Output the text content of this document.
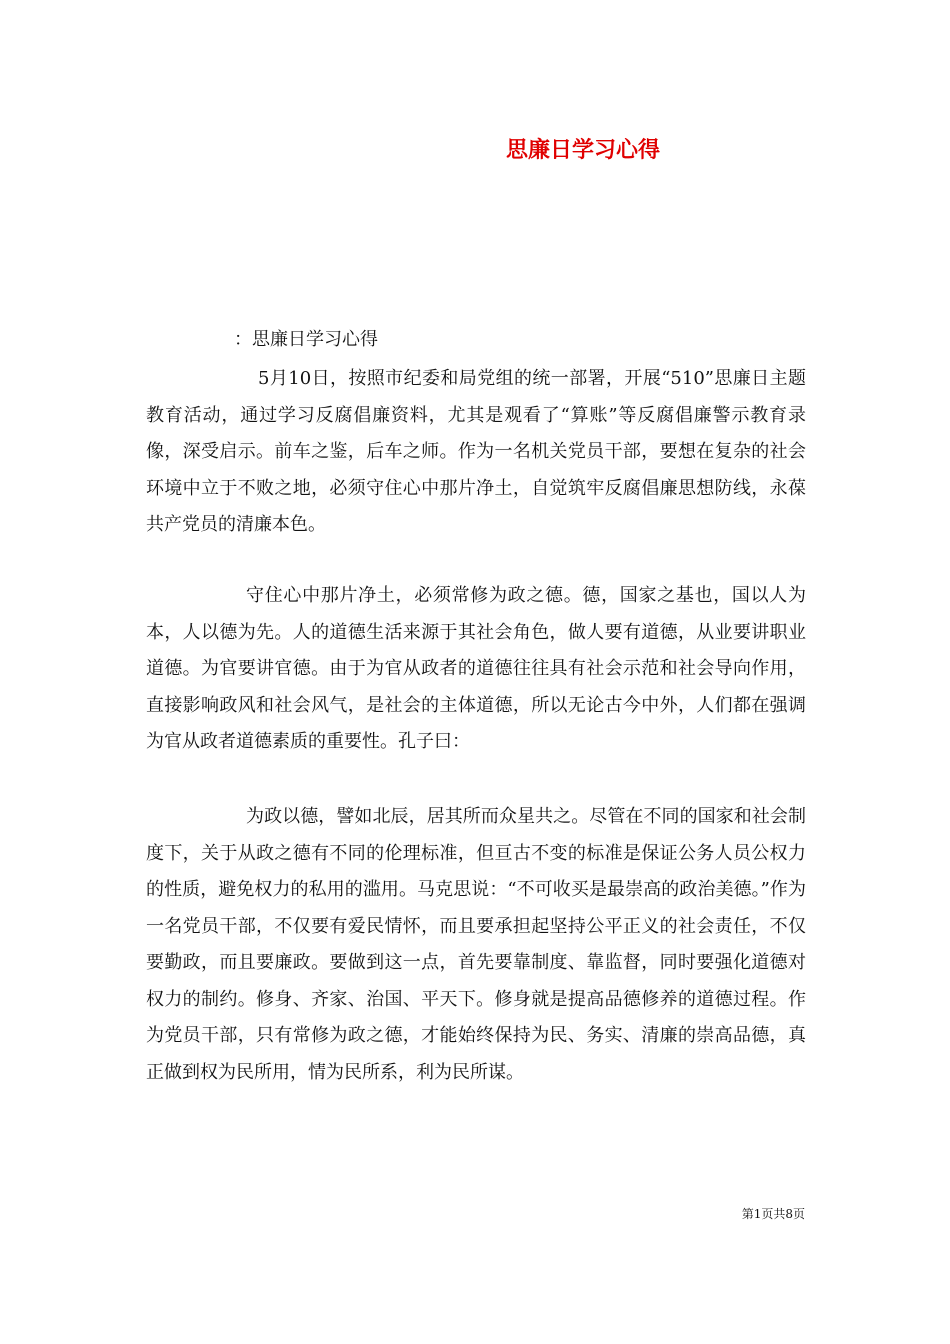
思廉日学习心得
：思廉日学习心得

5月10日，按照市纪委和局党组的统一部署，开展“510”思廉日主题教育活动，通过学习反腐倡廉资料，尤其是观看了“算账”等反腐倡廉警示教育录像，深受启示。前车之鉴，后车之师。作为一名机关党员干部，要想在复杂的社会环境中立于不败之地，必须守住心中那片净土，自觉筑牢反腐倡廉思想防线，永葆共产党员的清廉本色。

守住心中那片净土，必须常修为政之德。德，国家之基也，国以人为本，人以德为先。人的道德生活来源于其社会角色，做人要有道德，从业要讲职业道德。为官要讲官德。由于为官从政者的道德往往具有社会示范和社会导向作用，直接影响政风和社会风气，是社会的主体道德，所以无论古今中外，人们都在强调为官从政者道德素质的重要性。孔子曰：

为政以德，譬如北辰，居其所而众星共之。尽管在不同的国家和社会制度下，关于从政之德有不同的伦理标准，但亘古不变的标准是保证公务人员公权力的性质，避免权力的私用的滥用。马克思说：“不可收买是最崇高的政治美德。”作为一名党员干部，不仅要有爱民情怀，而且要承担起坚持公平正义的社会责任，不仅要勤政，而且要廉政。要做到这一点，首先要靠制度、靠监督，同时要强化道德对权力的制约。修身、齐家、治国、平天下。修身就是提高品德修养的道德过程。作为党员干部，只有常修为政之德，才能始终保持为民、务实、清廉的崇高品德，真正做到权为民所用，情为民所系，利为民所谋。

第1页共8页
